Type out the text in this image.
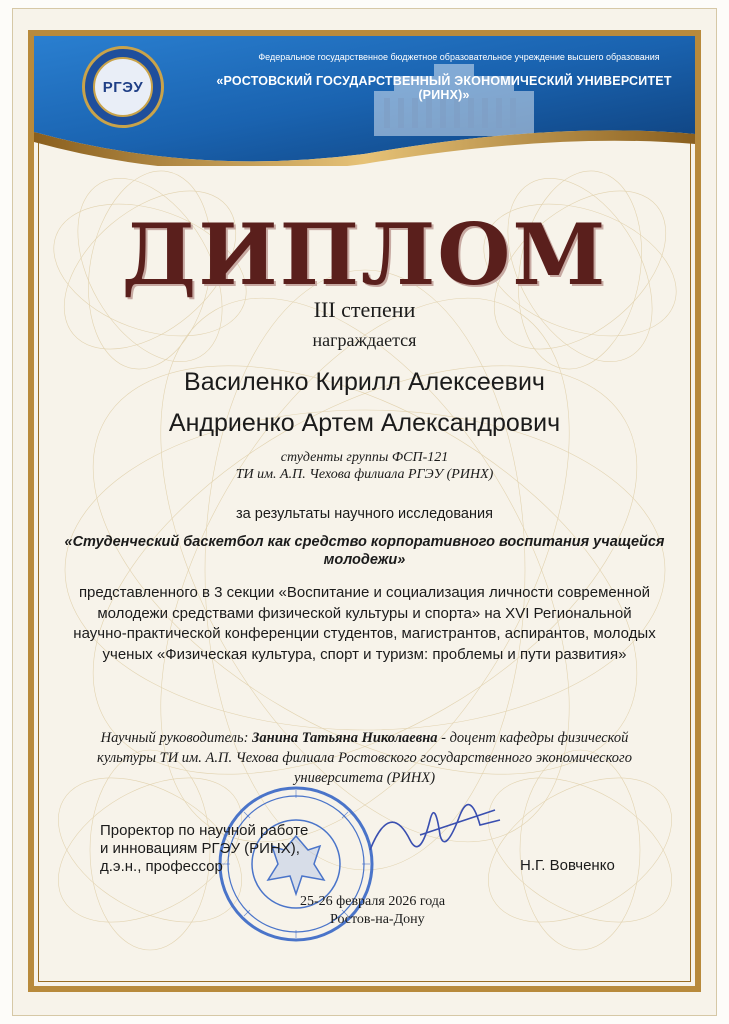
РГЭУ
Федеральное государственное бюджетное образовательное учреждение высшего образования
«РОСТОВСКИЙ ГОСУДАРСТВЕННЫЙ ЭКОНОМИЧЕСКИЙ УНИВЕРСИТЕТ (РИНХ)»
ДИПЛОМ
III степени
награждается
Василенко Кирилл Алексеевич
Андриенко Артем Александрович
студенты группы ФСП-121
ТИ им. А.П. Чехова филиала РГЭУ (РИНХ)
за результаты научного исследования
«Студенческий баскетбол как средство корпоративного воспитания учащейся молодежи»
представленного в 3 секции «Воспитание и социализация личности современной молодежи средствами физической культуры и спорта» на XVI Региональной научно-практической конференции студентов, магистрантов, аспирантов, молодых ученых «Физическая культура, спорт и туризм: проблемы и пути развития»
Научный руководитель: Занина Татьяна Николаевна - доцент кафедры физической культуры ТИ им. А.П. Чехова филиала Ростовского государственного экономического университета (РИНХ)
Проректор по научной работе
и инновациям РГЭУ (РИНХ),
д.э.н., профессор	Н.Г. Вовченко
25-26 февраля 2026 года
Ростов-на-Дону
